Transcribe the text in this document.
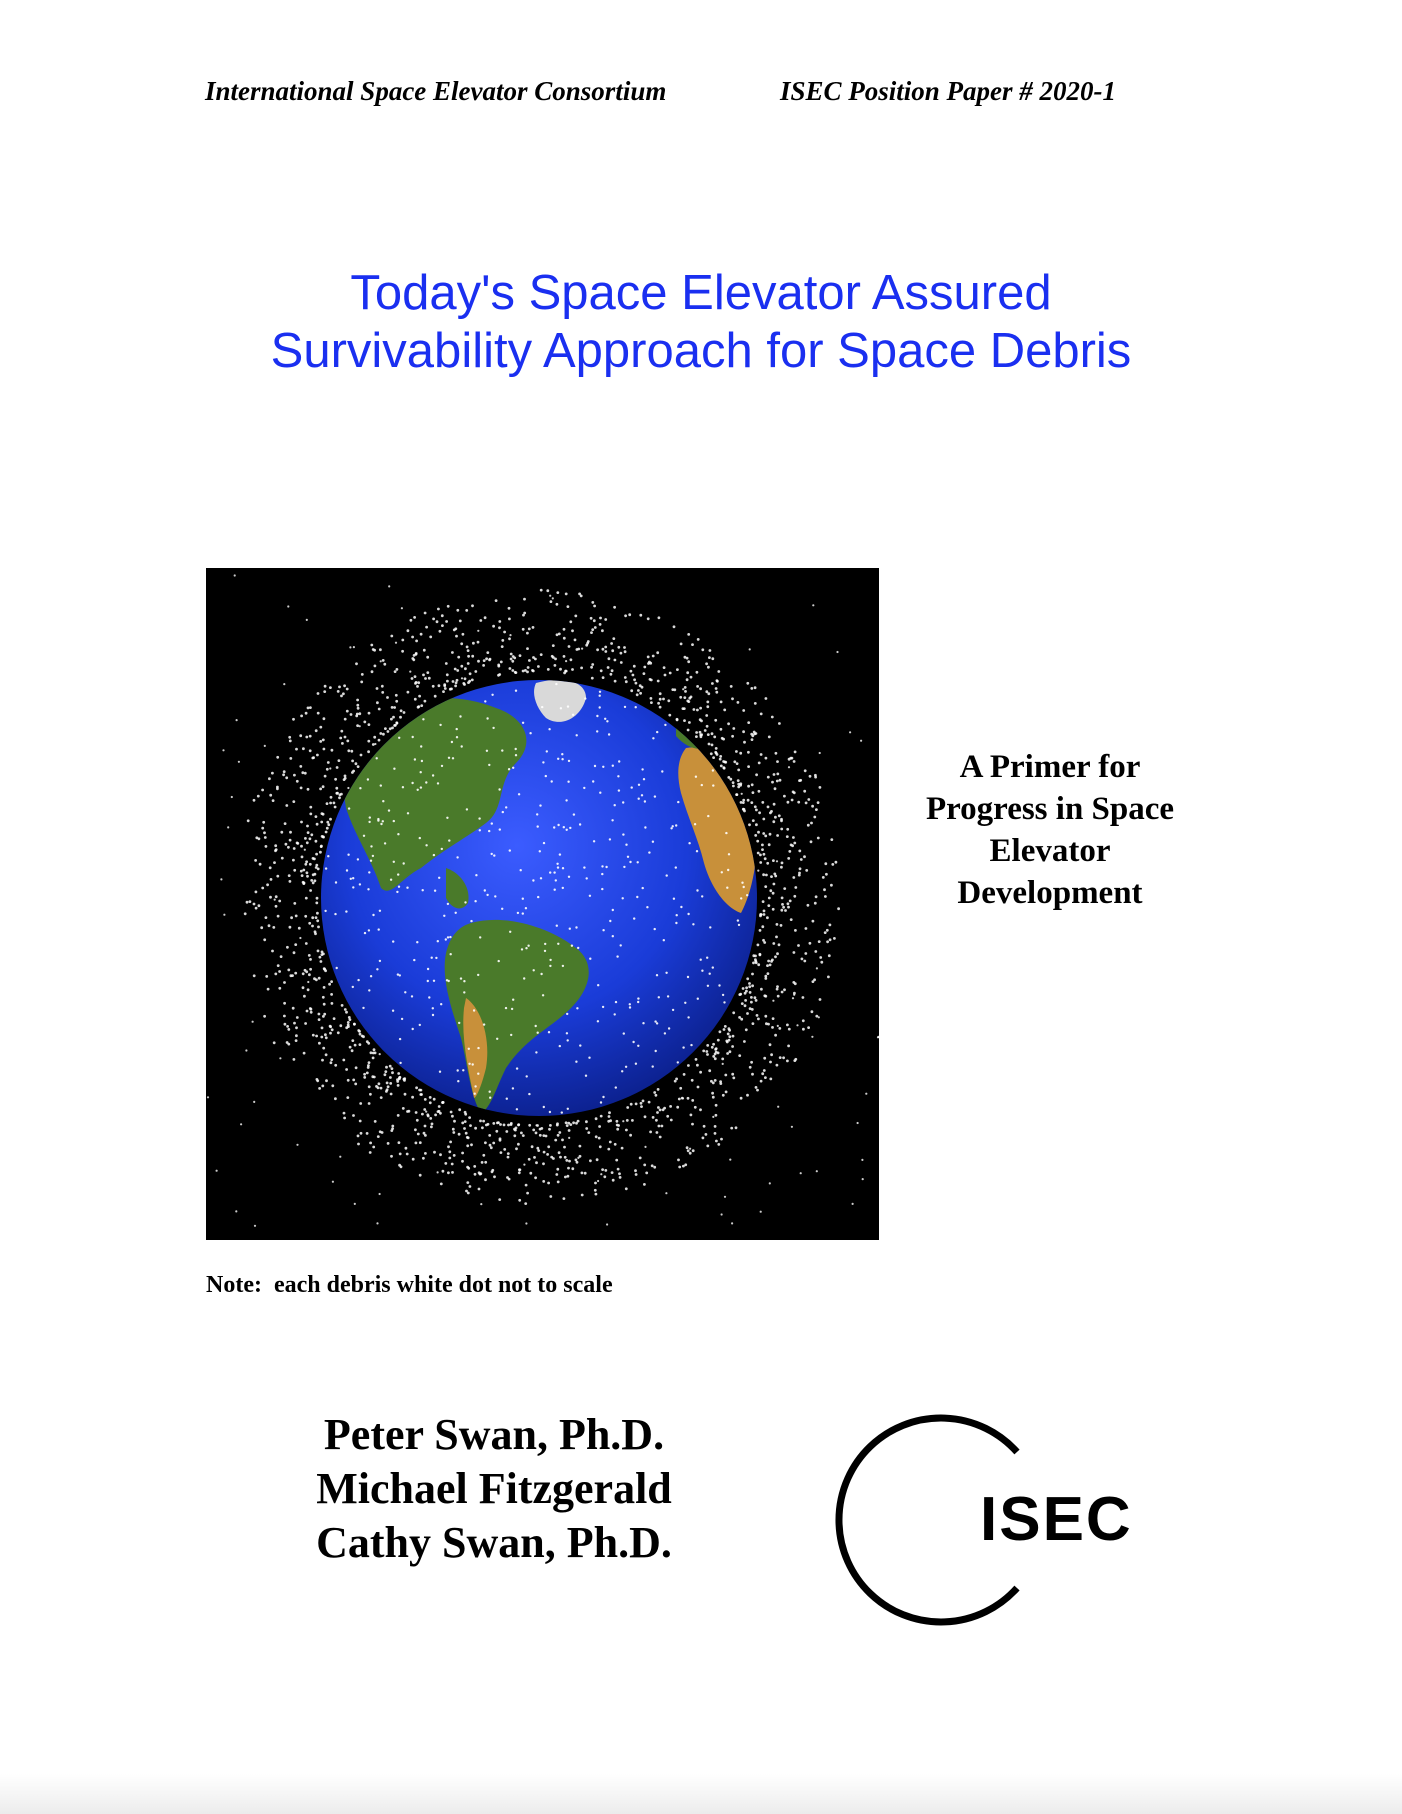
International Space Elevator Consortium	ISEC Position Paper # 2020-1
Today's Space Elevator Assured
Survivability Approach for Space Debris
A Primer for
Progress in Space
Elevator
Development
Note:  each debris white dot not to scale
Peter Swan, Ph.D.
Michael Fitzgerald
Cathy Swan, Ph.D.	ISEC
